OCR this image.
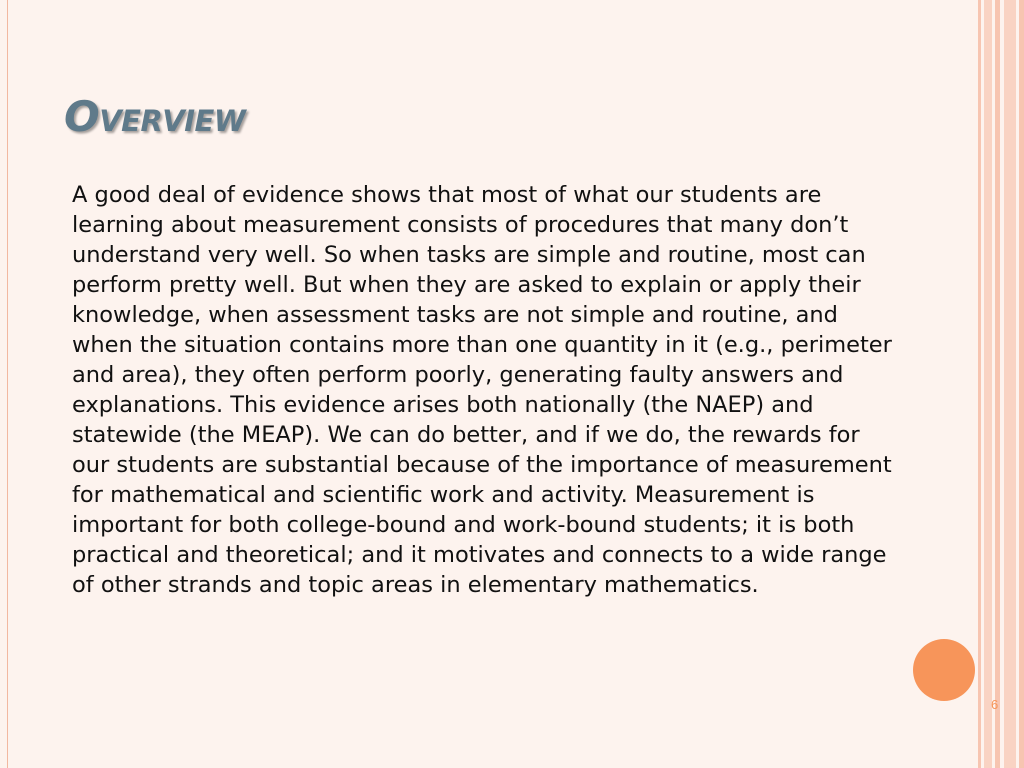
Overview

A good deal of evidence shows that most of what our students are learning about measurement consists of procedures that many don’t understand very well. So when tasks are simple and routine, most can perform pretty well. But when they are asked to explain or apply their knowledge, when assessment tasks are not simple and routine, and when the situation contains more than one quantity in it (e.g., perimeter and area), they often perform poorly, generating faulty answers and explanations. This evidence arises both nationally (the NAEP) and statewide (the MEAP). We can do better, and if we do, the rewards for our students are substantial because of the importance of measurement for mathematical and scientific work and activity. Measurement is important for both college-bound and work-bound students; it is both practical and theoretical; and it motivates and connects to a wide range of other strands and topic areas in elementary mathematics.

6
